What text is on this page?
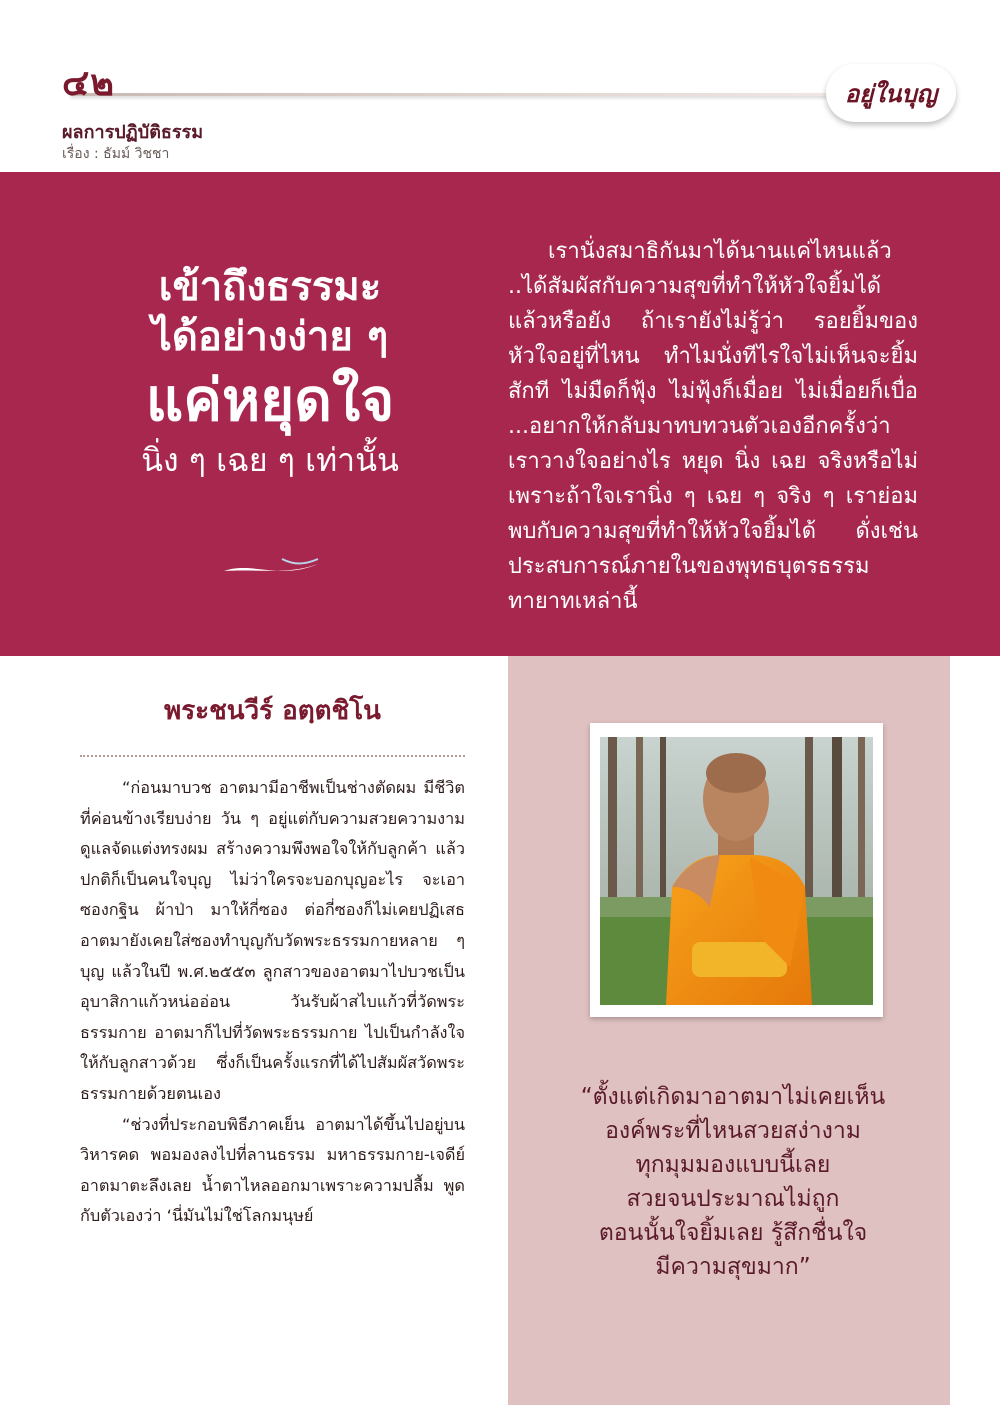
๔๒	อยู่ในบุญ
ผลการปฏิบัติธรรม
เรื่อง : ธัมม์ วิชชา
เข้าถึงธรรมะ
ได้อย่างง่าย ๆ
แค่หยุดใจ
นิ่ง ๆ เฉย ๆ เท่านั้น

เรานั่งสมาธิกันมาได้นานแค่ไหนแล้ว ..ได้สัมผัสกับความสุขที่ทำให้หัวใจยิ้มได้แล้วหรือยัง ถ้าเรายังไม่รู้ว่า รอยยิ้มของหัวใจอยู่ที่ไหน ทำไมนั่งทีไรใจไม่เห็นจะยิ้มสักที ไม่มืดก็ฟุ้ง ไม่ฟุ้งก็เมื่อย ไม่เมื่อยก็เบื่อ ...อยากให้กลับมาทบทวนตัวเองอีกครั้งว่า เราวางใจอย่างไร หยุด นิ่ง เฉย จริงหรือไม่ เพราะถ้าใจเรานิ่ง ๆ เฉย ๆ จริง ๆ เราย่อมพบกับความสุขที่ทำให้หัวใจยิ้มได้ ดั่งเช่นประสบการณ์ภายในของพุทธบุตรธรรมทายาทเหล่านี้

พระชนวีร์ อตฺตชิโน

“ก่อนมาบวช อาตมามีอาชีพเป็นช่างตัดผม มีชีวิตที่ค่อนข้างเรียบง่าย วัน ๆ อยู่แต่กับความสวยความงาม ดูแลจัดแต่งทรงผม สร้างความพึงพอใจให้กับลูกค้า แล้วปกติก็เป็นคนใจบุญ ไม่ว่าใครจะบอกบุญอะไร จะเอาซองกฐิน ผ้าป่า มาให้กี่ซอง ต่อกี่ซองก็ไม่เคยปฏิเสธ อาตมายังเคยใส่ซองทำบุญกับวัดพระธรรมกายหลาย ๆ บุญ แล้วในปี พ.ศ.๒๕๕๓ ลูกสาวของอาตมาไปบวชเป็นอุบาสิกาแก้วหน่ออ่อน วันรับผ้าสไบแก้วที่วัดพระธรรมกาย อาตมาก็ไปที่วัดพระธรรมกาย ไปเป็นกำลังใจให้กับลูกสาวด้วย ซึ่งก็เป็นครั้งแรกที่ได้ไปสัมผัสวัดพระธรรมกายด้วยตนเอง

“ช่วงที่ประกอบพิธีภาคเย็น อาตมาได้ขึ้นไปอยู่บนวิหารคด พอมองลงไปที่ลานธรรม มหาธรรมกาย-เจดีย์ อาตมาตะลึงเลย น้ำตาไหลออกมาเพราะความปลื้ม พูดกับตัวเองว่า ‘นี่มันไม่ใช่โลกมนุษย์

“ตั้งแต่เกิดมาอาตมาไม่เคยเห็น

องค์พระที่ไหนสวยสง่างาม

ทุกมุมมองแบบนี้เลย

สวยจนประมาณไม่ถูก

ตอนนั้นใจยิ้มเลย รู้สึกชื่นใจ

มีความสุขมาก”
